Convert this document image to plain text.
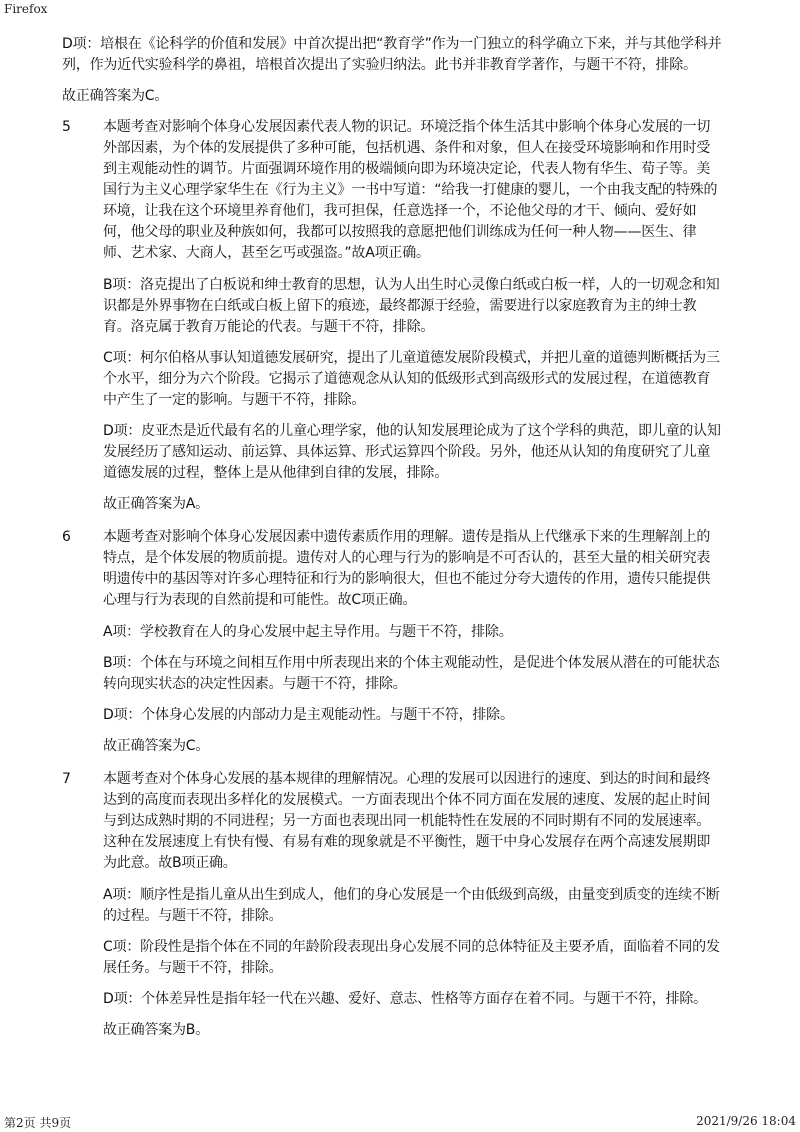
Firefox

D项：培根在《论科学的价值和发展》中首次提出把“教育学”作为一门独立的科学确立下来，并与其他学科并列，作为近代实验科学的鼻祖，培根首次提出了实验归纳法。此书并非教育学著作，与题干不符，排除。

故正确答案为C。

5 本题考查对影响个体身心发展因素代表人物的识记。环境泛指个体生活其中影响个体身心发展的一切外部因素，为个体的发展提供了多种可能，包括机遇、条件和对象，但人在接受环境影响和作用时受到主观能动性的调节。片面强调环境作用的极端倾向即为环境决定论，代表人物有华生、荀子等。美国行为主义心理学家华生在《行为主义》一书中写道：“给我一打健康的婴儿，一个由我支配的特殊的环境，让我在这个环境里养育他们，我可担保，任意选择一个，不论他父母的才干、倾向、爱好如何，他父母的职业及种族如何，我都可以按照我的意愿把他们训练成为任何一种人物——医生、律师、艺术家、大商人，甚至乞丐或强盗。”故A项正确。

B项：洛克提出了白板说和绅士教育的思想，认为人出生时心灵像白纸或白板一样，人的一切观念和知识都是外界事物在白纸或白板上留下的痕迹，最终都源于经验，需要进行以家庭教育为主的绅士教育。洛克属于教育万能论的代表。与题干不符，排除。

C项：柯尔伯格从事认知道德发展研究，提出了儿童道德发展阶段模式，并把儿童的道德判断概括为三个水平，细分为六个阶段。它揭示了道德观念从认知的低级形式到高级形式的发展过程，在道德教育中产生了一定的影响。与题干不符，排除。

D项：皮亚杰是近代最有名的儿童心理学家，他的认知发展理论成为了这个学科的典范，即儿童的认知发展经历了感知运动、前运算、具体运算、形式运算四个阶段。另外，他还从认知的角度研究了儿童道德发展的过程，整体上是从他律到自律的发展，排除。

故正确答案为A。

6 本题考查对影响个体身心发展因素中遗传素质作用的理解。遗传是指从上代继承下来的生理解剖上的特点，是个体发展的物质前提。遗传对人的心理与行为的影响是不可否认的，甚至大量的相关研究表明遗传中的基因等对许多心理特征和行为的影响很大，但也不能过分夸大遗传的作用，遗传只能提供心理与行为表现的自然前提和可能性。故C项正确。

A项：学校教育在人的身心发展中起主导作用。与题干不符，排除。

B项：个体在与环境之间相互作用中所表现出来的个体主观能动性，是促进个体发展从潜在的可能状态转向现实状态的决定性因素。与题干不符，排除。

D项：个体身心发展的内部动力是主观能动性。与题干不符，排除。

故正确答案为C。

7 本题考查对个体身心发展的基本规律的理解情况。心理的发展可以因进行的速度、到达的时间和最终达到的高度而表现出多样化的发展模式。一方面表现出个体不同方面在发展的速度、发展的起止时间与到达成熟时期的不同进程；另一方面也表现出同一机能特性在发展的不同时期有不同的发展速率。这种在发展速度上有快有慢、有易有难的现象就是不平衡性，题干中身心发展存在两个高速发展期即为此意。故B项正确。

A项：顺序性是指儿童从出生到成人，他们的身心发展是一个由低级到高级，由量变到质变的连续不断的过程。与题干不符，排除。

C项：阶段性是指个体在不同的年龄阶段表现出身心发展不同的总体特征及主要矛盾，面临着不同的发展任务。与题干不符，排除。

D项：个体差异性是指年轻一代在兴趣、爱好、意志、性格等方面存在着不同。与题干不符，排除。

故正确答案为B。

第2页 共9页	2021/9/26 18:04
